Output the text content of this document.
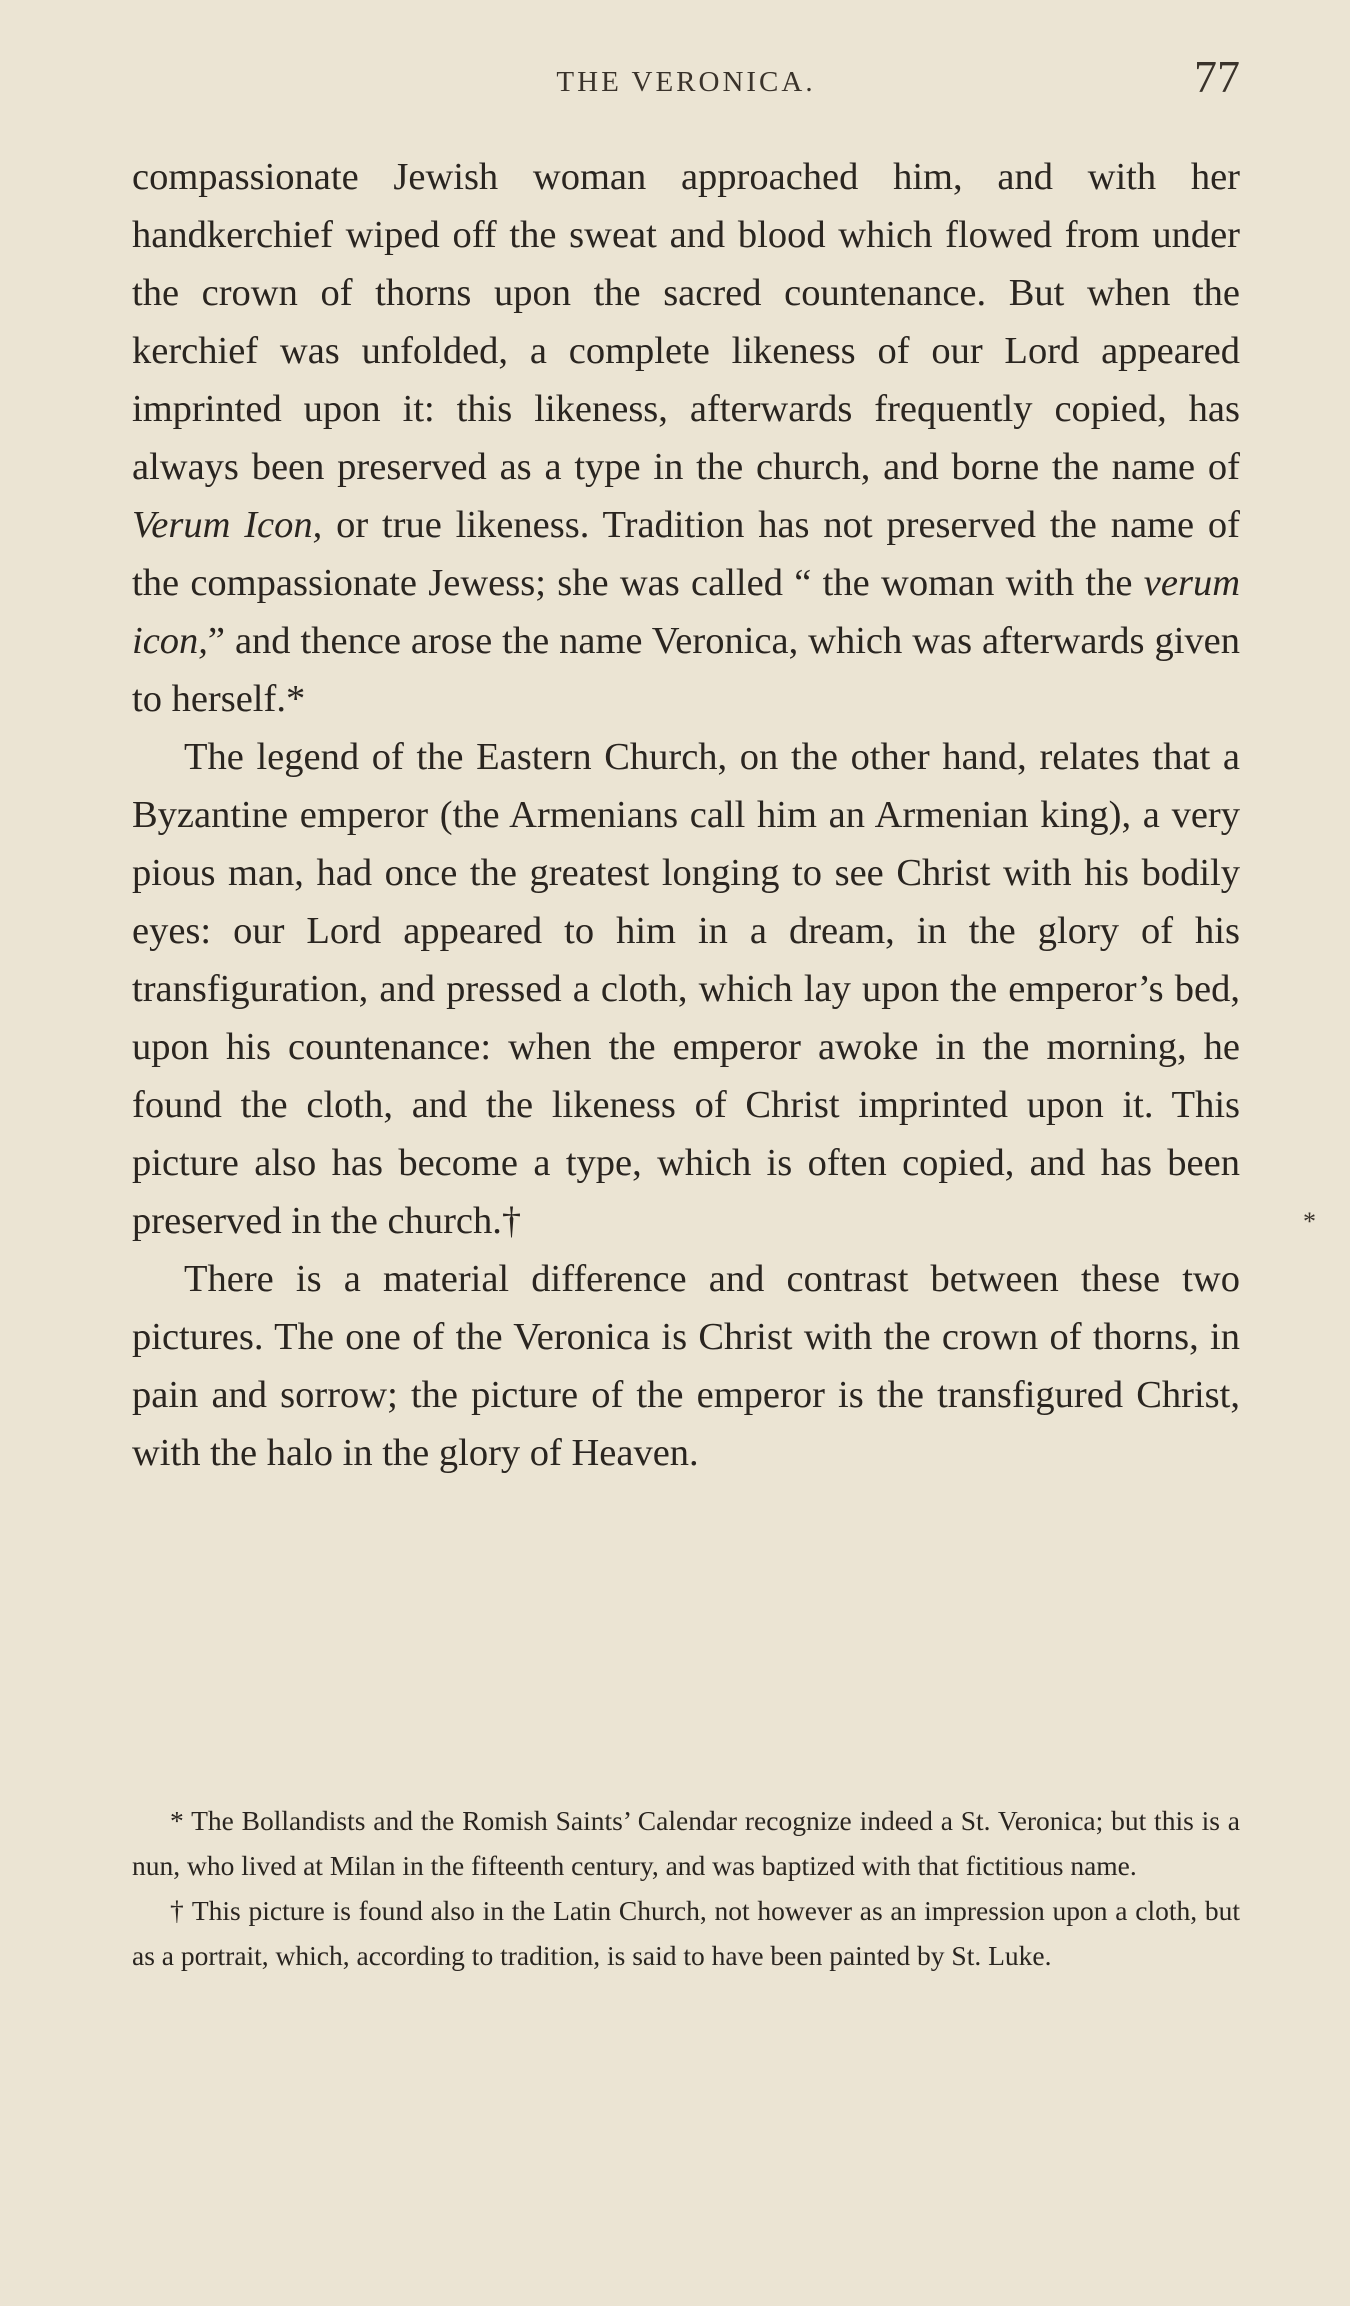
THE VERONICA.	77

compassionate Jewish woman approached him, and with her handkerchief wiped off the sweat and blood which flowed from under the crown of thorns upon the sacred countenance. But when the kerchief was unfolded, a complete likeness of our Lord appeared imprinted upon it: this likeness, afterwards frequently copied, has always been preserved as a type in the church, and borne the name of Verum Icon, or true likeness. Tradition has not preserved the name of the compassionate Jewess; she was called “ the woman with the verum icon,” and thence arose the name Veronica, which was afterwards given to herself.*

The legend of the Eastern Church, on the other hand, relates that a Byzantine emperor (the Armenians call him an Armenian king), a very pious man, had once the greatest longing to see Christ with his bodily eyes: our Lord appeared to him in a dream, in the glory of his transfiguration, and pressed a cloth, which lay upon the emperor’s bed, upon his countenance: when the emperor awoke in the morning, he found the cloth, and the likeness of Christ imprinted upon it. This picture also has become a type, which is often copied, and has been preserved in the church.†

There is a material difference and contrast between these two pictures. The one of the Veronica is Christ with the crown of thorns, in pain and sorrow; the picture of the emperor is the transfigured Christ, with the halo in the glory of Heaven.

*

* The Bollandists and the Romish Saints’ Calendar recognize indeed a St. Veronica; but this is a nun, who lived at Milan in the fifteenth century, and was baptized with that fictitious name.

† This picture is found also in the Latin Church, not however as an impression upon a cloth, but as a portrait, which, according to tradition, is said to have been painted by St. Luke.
